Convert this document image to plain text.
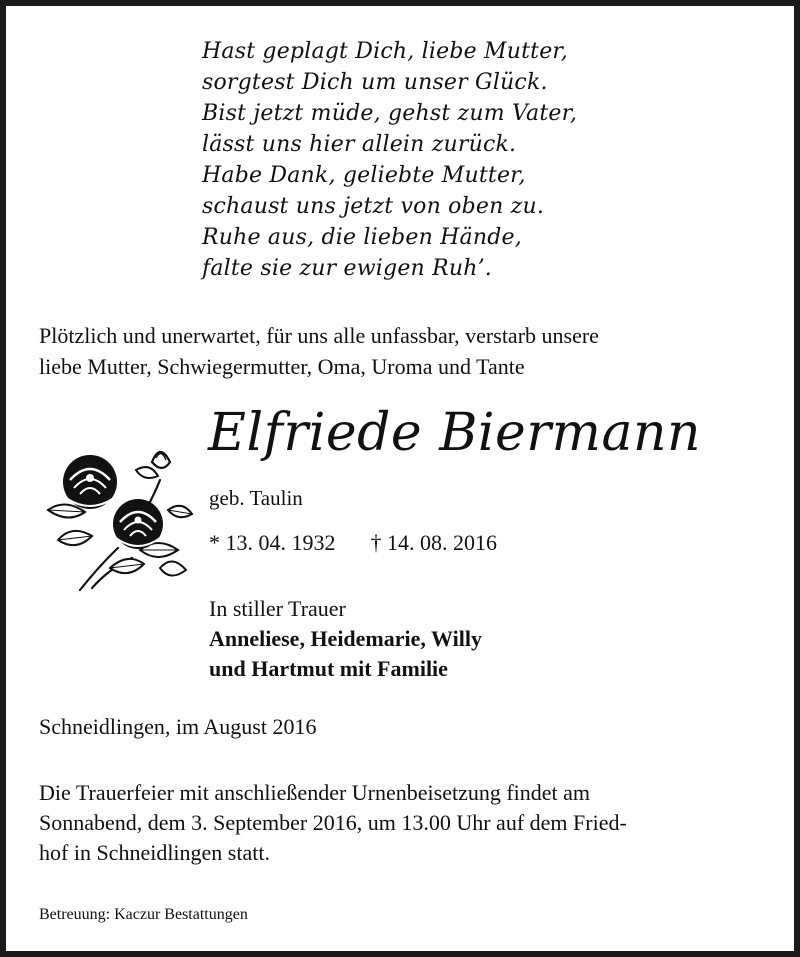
Hast geplagt Dich, liebe Mutter,
sorgtest Dich um unser Glück.
Bist jetzt müde, gehst zum Vater,
lässt uns hier allein zurück.
Habe Dank, geliebte Mutter,
schaust uns jetzt von oben zu.
Ruhe aus, die lieben Hände,
falte sie zur ewigen Ruh’.
Plötzlich und unerwartet, für uns alle unfassbar, verstarb unsere
liebe Mutter, Schwiegermutter, Oma, Uroma und Tante
Elfriede Biermann
geb. Taulin
* 13. 04. 1932 † 14. 08. 2016
In stiller Trauer
Anneliese, Heidemarie, Willy
und Hartmut mit Familie
Schneidlingen, im August 2016
Die Trauerfeier mit anschließender Urnenbeisetzung findet am
Sonnabend, dem 3. September 2016, um 13.00 Uhr auf dem Fried-
hof in Schneidlingen statt.
Betreuung: Kaczur Bestattungen
